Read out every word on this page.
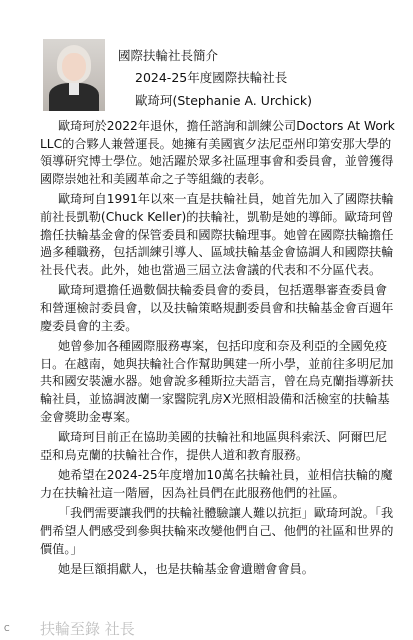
國際扶輪社長簡介
2024-25年度國際扶輪社長
歐琦珂(Stephanie A. Urchick)

歐琦珂於2022年退休，擔任諮詢和訓練公司Doctors At Work LLC的合夥人兼營運長。她擁有美國賓夕法尼亞州印第安那大學的領導研究博士學位。她活躍於眾多社區理事會和委員會，並曾獲得國際崇她社和美國革命之子等組織的表彰。

歐琦珂自1991年以來一直是扶輪社員，她首先加入了國際扶輪前社長凱勒(Chuck Keller)的扶輪社，凱勒是她的導師。歐琦珂曾擔任扶輪基金會的保管委員和國際扶輪理事。她曾在國際扶輪擔任過多種職務，包括訓練引導人、區域扶輪基金會協調人和國際扶輪社長代表。此外，她也當過三屆立法會議的代表和不分區代表。

歐琦珂還擔任過數個扶輪委員會的委員，包括選舉審查委員會和營運檢討委員會，以及扶輪策略規劃委員會和扶輪基金會百週年慶委員會的主委。

她曾參加各種國際服務專案，包括印度和奈及利亞的全國免疫日。在越南，她與扶輪社合作幫助興建一所小學，並前往多明尼加共和國安裝濾水器。她會說多種斯拉夫語言，曾在烏克蘭指導新扶輪社員，並協調波蘭一家醫院乳房X光照相設備和活檢室的扶輪基金會獎助金專案。

歐琦珂目前正在協助美國的扶輪社和地區與科索沃、阿爾巴尼亞和烏克蘭的扶輪社合作，提供人道和教育服務。

她希望在2024-25年度增加10萬名扶輪社員，並相信扶輪的魔力在扶輪社這一階層，因為社員們在此服務他們的社區。

「我們需要讓我們的扶輪社體驗讓人難以抗拒」歐琦珂說。「我們希望人們感受到參與扶輪來改變他們自己、他們的社區和世界的價值。」

她是巨額捐獻人，也是扶輪基金會遺贈會會員。

扶輪至錄 社長
C
